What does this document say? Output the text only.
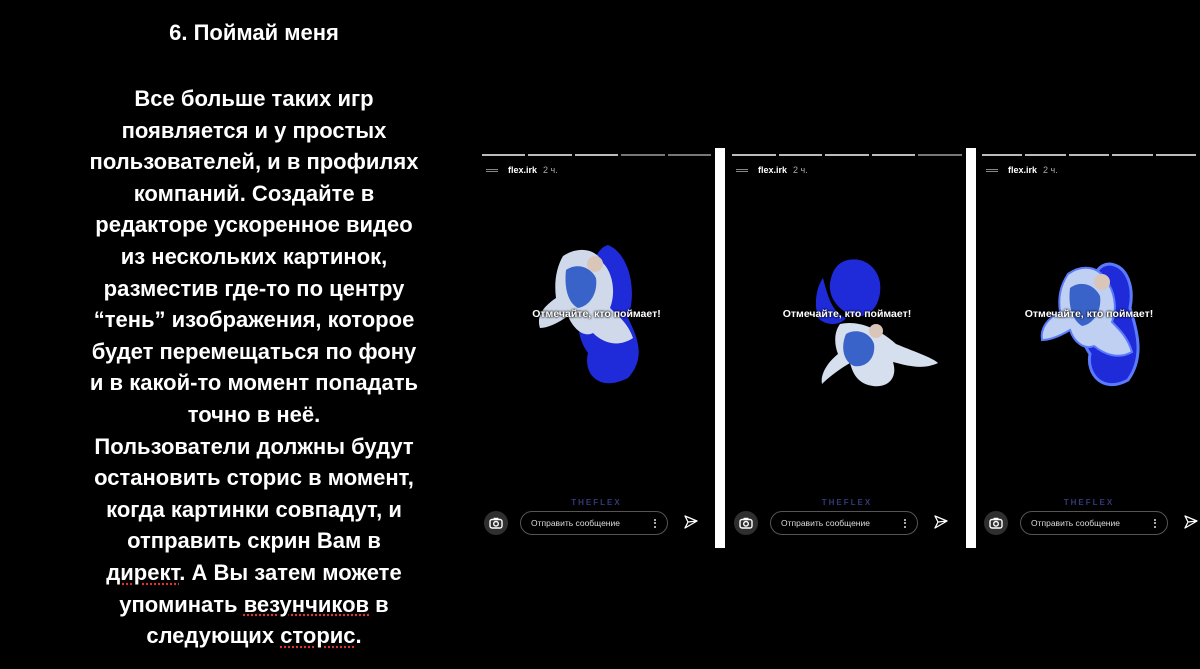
6. Поймай меня
Все больше таких игр
появляется и у простых
пользователей, и в профилях
компаний. Создайте в
редакторе ускоренное видео
из нескольких картинок,
разместив где-то по центру
“тень” изображения, которое
будет перемещаться по фону
и в какой-то момент попадать
точно в неё.
Пользователи должны будут
остановить сторис в момент,
когда картинки совпадут, и
отправить скрин Вам в
директ. А Вы затем можете
упоминать везунчиков в
следующих сторис.
flex.irk 2 ч.
Отмечайте, кто поймает!
THEFLEX
Отправить сообщение
flex.irk 2 ч.
Отмечайте, кто поймает!
THEFLEX
Отправить сообщение
flex.irk 2 ч.
Отмечайте, кто поймает!
THEFLEX
Отправить сообщение
